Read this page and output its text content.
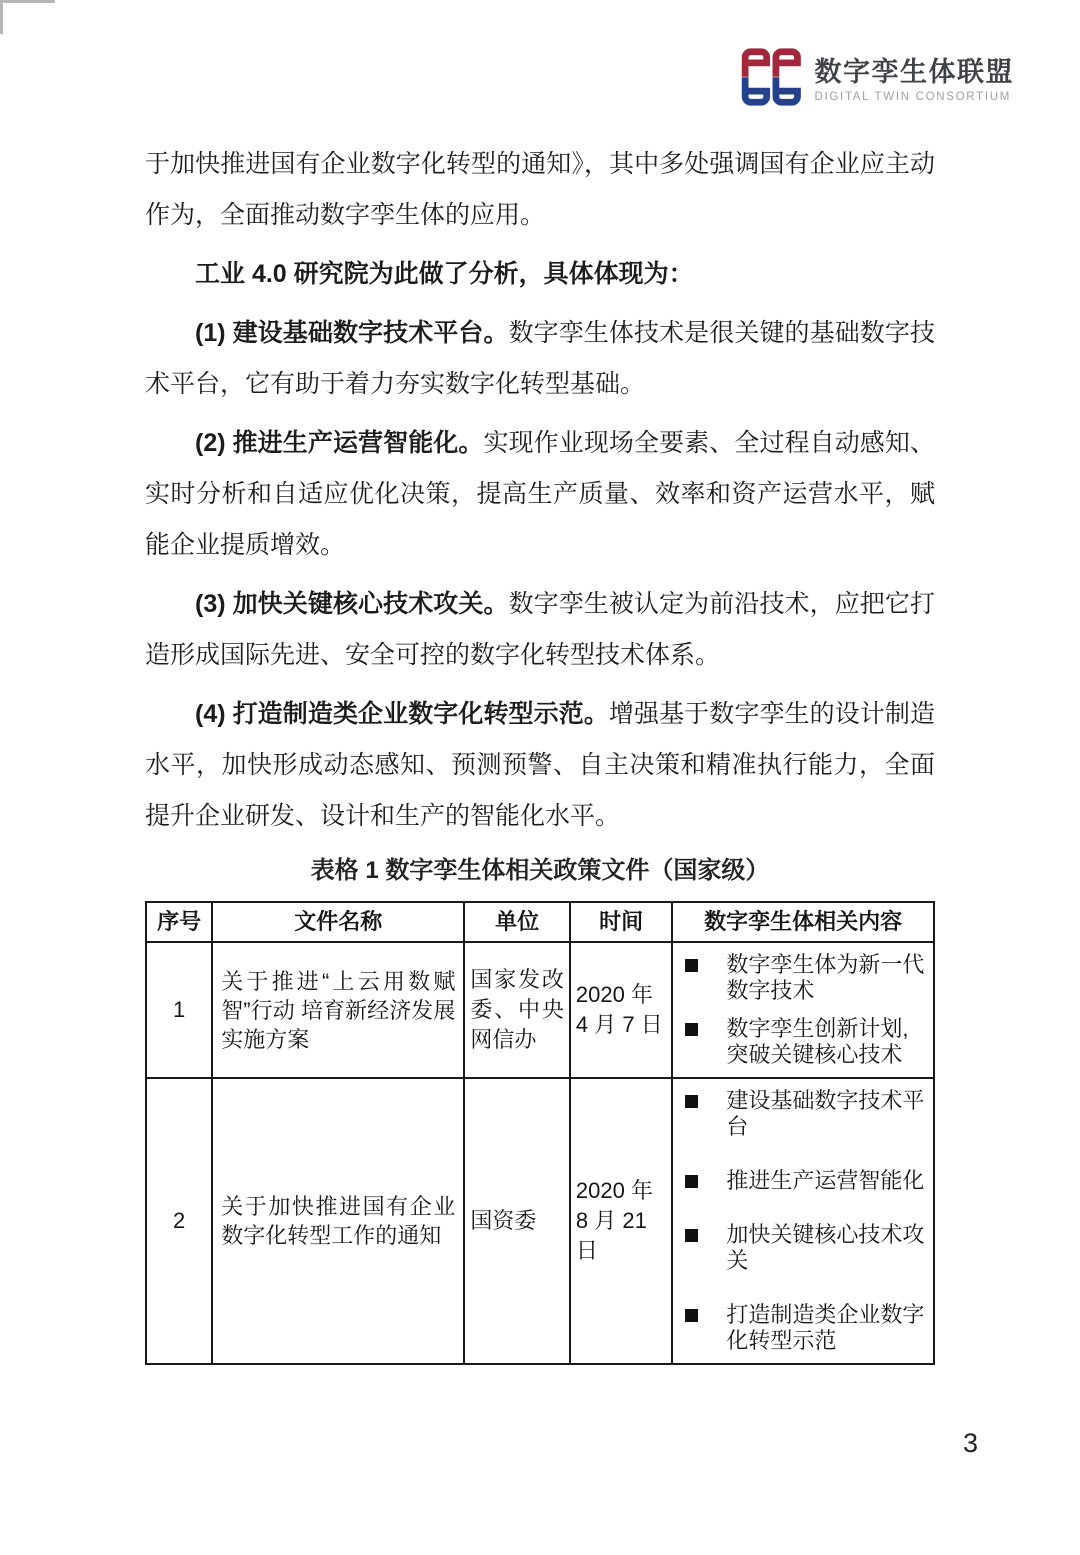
数字孪生体联盟
DIGITAL TWIN CONSORTIUM

于加快推进国有企业数字化转型的通知》，其中多处强调国有企业应主动作为，全面推动数字孪生体的应用。

工业 4.0 研究院为此做了分析，具体体现为：

(1) 建设基础数字技术平台。数字孪生体技术是很关键的基础数字技术平台，它有助于着力夯实数字化转型基础。

(2) 推进生产运营智能化。实现作业现场全要素、全过程自动感知、实时分析和自适应优化决策，提高生产质量、效率和资产运营水平，赋能企业提质增效。

(3) 加快关键核心技术攻关。数字孪生被认定为前沿技术，应把它打造形成国际先进、安全可控的数字化转型技术体系。

(4) 打造制造类企业数字化转型示范。增强基于数字孪生的设计制造水平，加快形成动态感知、预测预警、自主决策和精准执行能力，全面提升企业研发、设计和生产的智能化水平。

表格 1 数字孪生体相关政策文件（国家级）
序号	文件名称	单位	时间	数字孪生体相关内容
1	关于推进“上云用数赋智”行动 培育新经济发展实施方案	国家发改委、中央网信办	2020 年 4 月 7 日	数字孪生体为新一代数字技术
数字孪生创新计划, 突破关键核心技术

2	关于加快推进国有企业数字化转型工作的通知	国资委	2020 年 8 月 21 日	建设基础数字技术平台
推进生产运营智能化
加快关键核心技术攻关
打造制造类企业数字化转型示范
3
